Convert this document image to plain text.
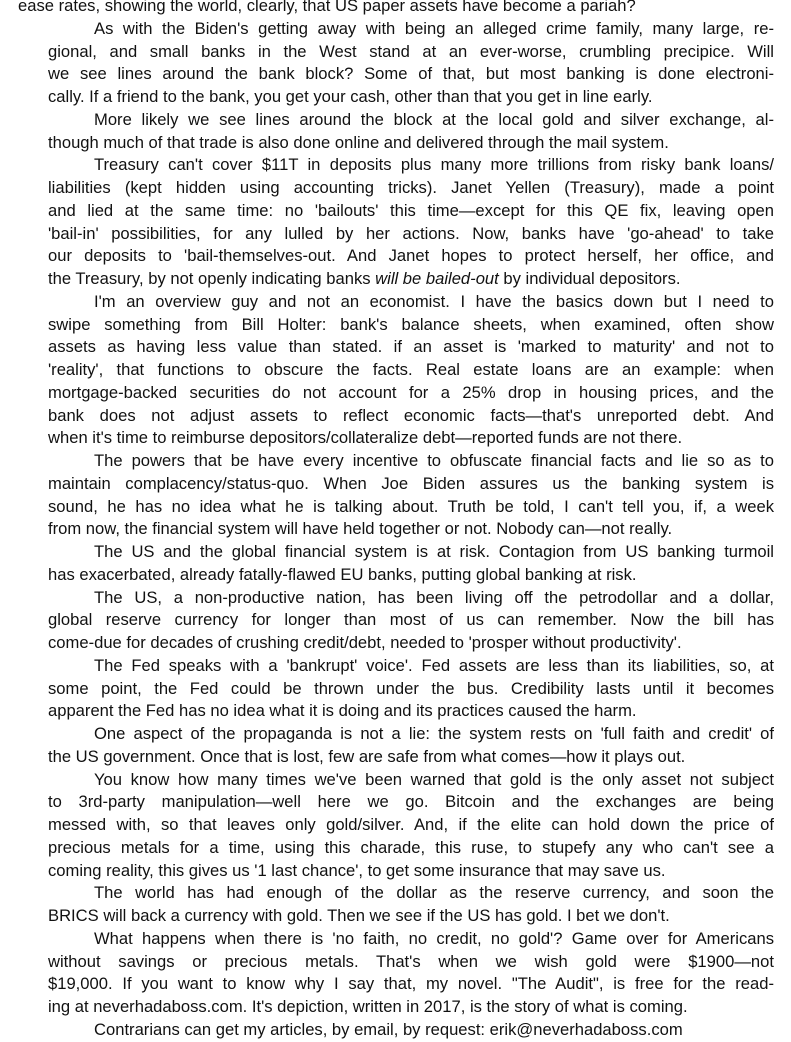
ease rates, showing the world, clearly, that US paper assets have become a pariah?

As with the Biden's getting away with being an alleged crime family, many large, re-
gional, and small banks in the West stand at an ever-worse, crumbling precipice. Will
we see lines around the bank block? Some of that, but most banking is done electroni-
cally. If a friend to the bank, you get your cash, other than that you get in line early.

More likely we see lines around the block at the local gold and silver exchange, al-
though much of that trade is also done online and delivered through the mail system.

Treasury can't cover $11T in deposits plus many more trillions from risky bank loans/
liabilities (kept hidden using accounting tricks). Janet Yellen (Treasury), made a point
and lied at the same time: no 'bailouts' this time—except for this QE fix, leaving open
'bail-in' possibilities, for any lulled by her actions. Now, banks have 'go-ahead' to take
our deposits to 'bail-themselves-out. And Janet hopes to protect herself, her office, and
the Treasury, by not openly indicating banks will be bailed-out by individual depositors.

I'm an overview guy and not an economist. I have the basics down but I need to
swipe something from Bill Holter: bank's balance sheets, when examined, often show
assets as having less value than stated. if an asset is 'marked to maturity' and not to
'reality', that functions to obscure the facts. Real estate loans are an example: when
mortgage-backed securities do not account for a 25% drop in housing prices, and the
bank does not adjust assets to reflect economic facts—that's unreported debt. And
when it's time to reimburse depositors/collateralize debt—reported funds are not there.

The powers that be have every incentive to obfuscate financial facts and lie so as to
maintain complacency/status-quo. When Joe Biden assures us the banking system is
sound, he has no idea what he is talking about. Truth be told, I can't tell you, if, a week
from now, the financial system will have held together or not. Nobody can—not really.

The US and the global financial system is at risk. Contagion from US banking turmoil
has exacerbated, already fatally-flawed EU banks, putting global banking at risk.

The US, a non-productive nation, has been living off the petrodollar and a dollar,
global reserve currency for longer than most of us can remember. Now the bill has
come-due for decades of crushing credit/debt, needed to 'prosper without productivity'.

The Fed speaks with a 'bankrupt' voice'. Fed assets are less than its liabilities, so, at
some point, the Fed could be thrown under the bus. Credibility lasts until it becomes
apparent the Fed has no idea what it is doing and its practices caused the harm.

One aspect of the propaganda is not a lie: the system rests on 'full faith and credit' of
the US government. Once that is lost, few are safe from what comes—how it plays out.

You know how many times we've been warned that gold is the only asset not subject
to 3rd-party manipulation—well here we go. Bitcoin and the exchanges are being
messed with, so that leaves only gold/silver. And, if the elite can hold down the price of
precious metals for a time, using this charade, this ruse, to stupefy any who can't see a
coming reality, this gives us '1 last chance', to get some insurance that may save us.

The world has had enough of the dollar as the reserve currency, and soon the
BRICS will back a currency with gold. Then we see if the US has gold. I bet we don't.

What happens when there is 'no faith, no credit, no gold'? Game over for Americans
without savings or precious metals. That's when we wish gold were $1900—not
$19,000. If you want to know why I say that, my novel. "The Audit", is free for the read-
ing at neverhadaboss.com. It's depiction, written in 2017, is the story of what is coming.

Contrarians can get my articles, by email, by request: erik@neverhadaboss.com
